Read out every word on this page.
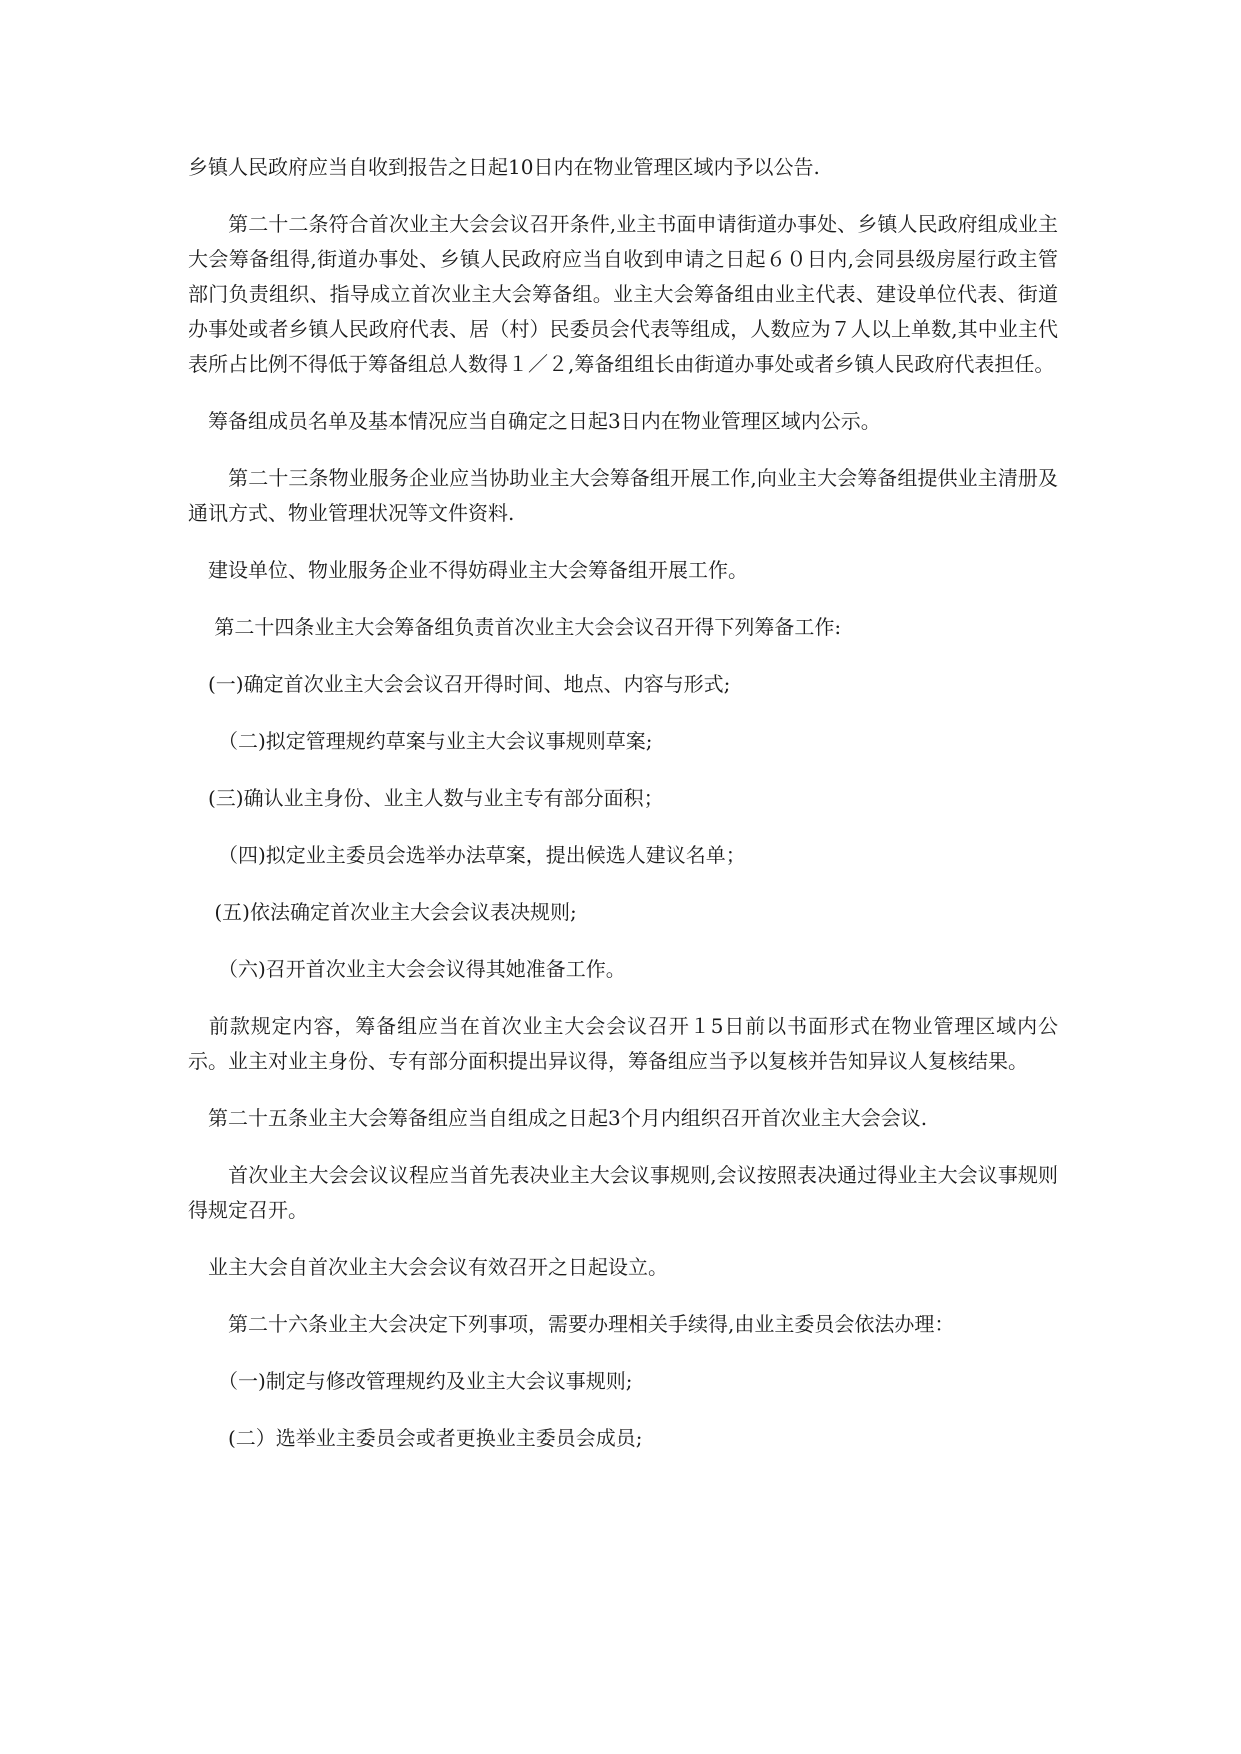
乡镇人民政府应当自收到报告之日起10日内在物业管理区域内予以公告.

　　第二十二条符合首次业主大会会议召开条件,业主书面申请街道办事处、乡镇人民政府组成业主大会筹备组得,街道办事处、乡镇人民政府应当自收到申请之日起６０日内,会同县级房屋行政主管部门负责组织、指导成立首次业主大会筹备组。业主大会筹备组由业主代表、建设单位代表、街道办事处或者乡镇人民政府代表、居（村）民委员会代表等组成，人数应为７人以上单数,其中业主代表所占比例不得低于筹备组总人数得１／２,筹备组组长由街道办事处或者乡镇人民政府代表担任。

　筹备组成员名单及基本情况应当自确定之日起3日内在物业管理区域内公示。

　　第二十三条物业服务企业应当协助业主大会筹备组开展工作,向业主大会筹备组提供业主清册及通讯方式、物业管理状况等文件资料.

　建设单位、物业服务企业不得妨碍业主大会筹备组开展工作。

　 第二十四条业主大会筹备组负责首次业主大会会议召开得下列筹备工作:

　(一)确定首次业主大会会议召开得时间、地点、内容与形式;

　　（二)拟定管理规约草案与业主大会议事规则草案;

　(三)确认业主身份、业主人数与业主专有部分面积；

　　（四)拟定业主委员会选举办法草案，提出候选人建议名单；

　 (五)依法确定首次业主大会会议表决规则;

　　（六)召开首次业主大会会议得其她准备工作。

　前款规定内容，筹备组应当在首次业主大会会议召开１5日前以书面形式在物业管理区域内公示。业主对业主身份、专有部分面积提出异议得，筹备组应当予以复核并告知异议人复核结果。

　第二十五条业主大会筹备组应当自组成之日起3个月内组织召开首次业主大会会议.

　　首次业主大会会议议程应当首先表决业主大会议事规则,会议按照表决通过得业主大会议事规则得规定召开。

　业主大会自首次业主大会会议有效召开之日起设立。

　　第二十六条业主大会决定下列事项，需要办理相关手续得,由业主委员会依法办理：

　　（一)制定与修改管理规约及业主大会议事规则;

　　(二）选举业主委员会或者更换业主委员会成员;
